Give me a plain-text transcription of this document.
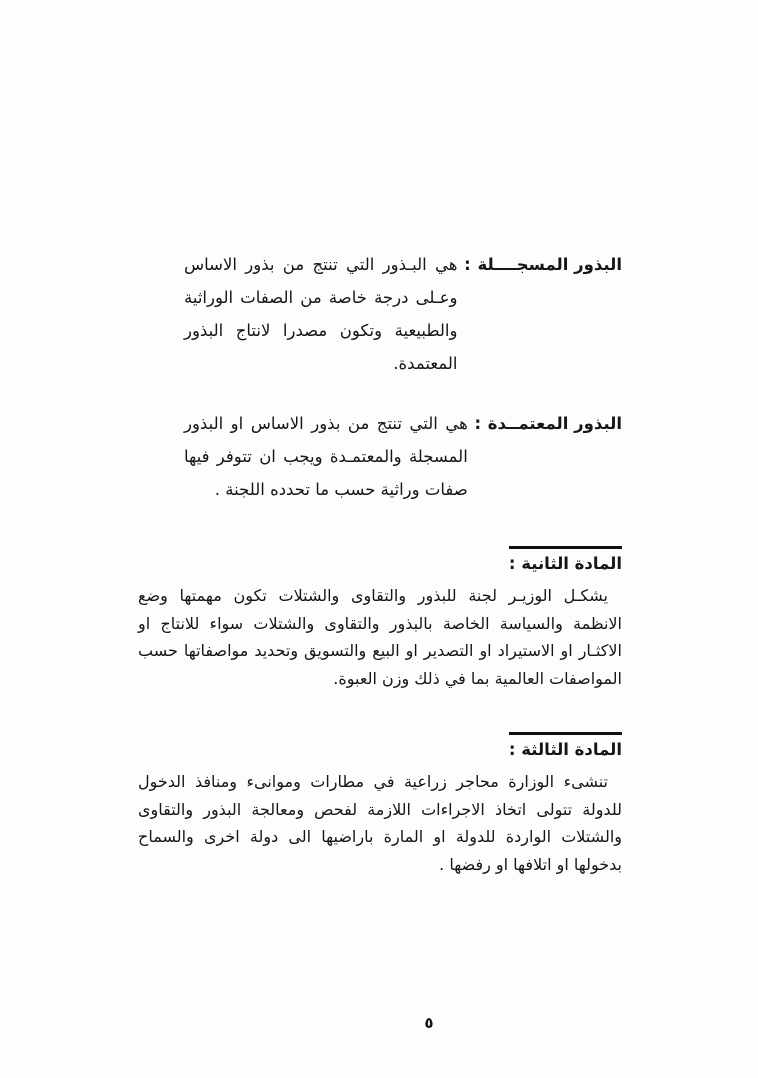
البذور المسجــــلة
:
هي البـذور التي تنتج من بذور الاساس وعـلى درجة خاصة من الصفات الوراثية والطبيعية وتكون مصدرا لانتاج البذور المعتمدة.
البذور المعتمــدة
:
هي التي تنتج من بذور الاساس او البذور المسجلة والمعتمـدة ويجب ان تتوفر فيها صفات وراثية حسب ما تحدده اللجنة .
المادة الثانية :

يشكـل الوزيـر لجنة للبذور والتقاوى والشتلات تكون مهمتها وضع الانظمة والسياسة الخاصة بالبذور والتقاوى والشتلات سواء للانتاج او الاكثـار او الاستيراد او التصدير او البيع والتسويق وتحديد مواصفاتها حسب المواصفات العالمية بما في ذلك وزن العبوة.

المادة الثالثة :

تنشىء الوزارة محاجر زراعية في مطارات وموانىء ومنافذ الدخول للدولة تتولى اتخاذ الاجراءات اللازمة لفحص ومعالجة البذور والتقاوى والشتلات الواردة للدولة او المارة باراضيها الى دولة اخرى والسماح بدخولها او اتلافها او رفضها .

٥
